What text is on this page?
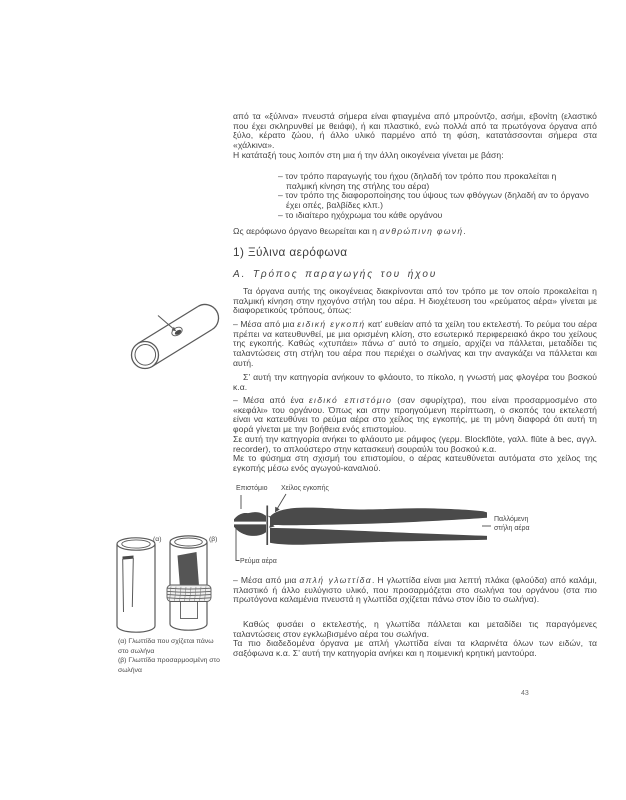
από τα «ξύλινα» πνευστά σήμερα είναι φτιαγμένα από μπρούντζο, ασήμι, εβονίτη (ελαστικό που έχει σκληρυνθεί με θειάφι), ή και πλαστικό, ενώ πολλά από τα πρωτόγονα όργανα από ξύλο, κέρατο ζώου, ή άλλο υλικό παρμένο από τη φύση, κατατάσσονται σήμερα στα «χάλκινα».

Η κατάταξή τους λοιπόν στη μια ή την άλλη οικογένεια γίνεται με βάση:

– τον τρόπο παραγωγής του ήχου (δηλαδή τον τρόπο που προκαλείται η παλμική κίνηση της στήλης του αέρα)

– τον τρόπο της διαφοροποίησης του ύψους των φθόγγων (δηλαδή αν το όργανο έχει οπές, βαλβίδες κλπ.)

– το ιδιαίτερο ηχόχρωμα του κάθε οργάνου

Ως αερόφωνο όργανο θεωρείται και η ανθρώπινη φωνή.

1) Ξύλινα αερόφωνα
Α. Τρόπος παραγωγής του ήχου

Τα όργανα αυτής της οικογένειας διακρίνονται από τον τρόπο με τον οποίο προκαλείται η παλμική κίνηση στην ηχογόνο στήλη του αέρα. Η διοχέτευση του «ρεύματος αέρα» γίνεται με διαφορετικούς τρόπους, όπως:

– Μέσα από μια ειδική εγκοπή κατ’ ευθείαν από τα χείλη του εκτελεστή. Το ρεύμα του αέρα πρέπει να κατευθυνθεί, με μια ορισμένη κλίση, στο εσωτερικό περιφερειακό άκρο του χείλους της εγκοπής. Καθώς «χτυπάει» πάνω σ’ αυτό το σημείο, αρχίζει να πάλλεται, μεταδίδει τις ταλαντώσεις στη στήλη του αέρα που περιέχει ο σωλήνας και την αναγκάζει να πάλλεται και αυτή.

Σ’ αυτή την κατηγορία ανήκουν το φλάουτο, το πίκολο, η γνωστή μας φλογέρα του βοσκού κ.α.

– Μέσα από ένα ειδικό επιστόμιο (σαν σφυρίχτρα), που είναι προσαρμοσμένο στο «κεφάλι» του οργάνου. Όπως και στην προηγούμενη περίπτωση, ο σκοπός του εκτελεστή είναι να κατευθύνει το ρεύμα αέρα στο χείλος της εγκοπής, με τη μόνη διαφορά ότι αυτή τη φορά γίνεται με την βοήθεια ενός επιστομίου.

Σε αυτή την κατηγορία ανήκει το φλάουτο με ράμφος (γερμ. Blockflöte, γαλλ. flûte à bec, αγγλ. recorder), το απλούστερο στην κατασκευή σουραύλι του βοσκού κ.α.

Με το φύσημα στη σχισμή του επιστομίου, ο αέρας κατευθύνεται αυτόματα στο χείλος της εγκοπής μέσω ενός αγωγού-καναλιού.

Επιστόμιο Χείλος εγκοπής
Παλλόμενη στήλη αέρα
Ρεύμα αέρα

– Μέσα από μια απλή γλωττίδα. Η γλωττίδα είναι μια λεπτή πλάκα (φλούδα) από καλάμι, πλαστικό ή άλλο ευλύγιστο υλικό, που προσαρμόζεται στο σωλήνα του οργάνου (στα πιο πρωτόγονα καλαμένια πνευστά η γλωττίδα σχίζεται πάνω στον ίδιο το σωλήνα).

Καθώς φυσάει ο εκτελεστής, η γλωττίδα πάλλεται και μεταδίδει τις παραγόμενες ταλαντώσεις στον εγκλωβισμένο αέρα του σωλήνα.

Τα πιο διαδεδομένα όργανα με απλή γλωττίδα είναι τα κλαρινέτα όλων των ειδών, τα σαξόφωνα κ.α. Σ’ αυτή την κατηγορία ανήκει και η ποιμενική κρητική μαντούρα.

(α)	(β)

(α) Γλωττίδα που σχίζεται πάνω στο σωλήνα

(β) Γλωττίδα προσαρμοσμένη στο σωλήνα

43
